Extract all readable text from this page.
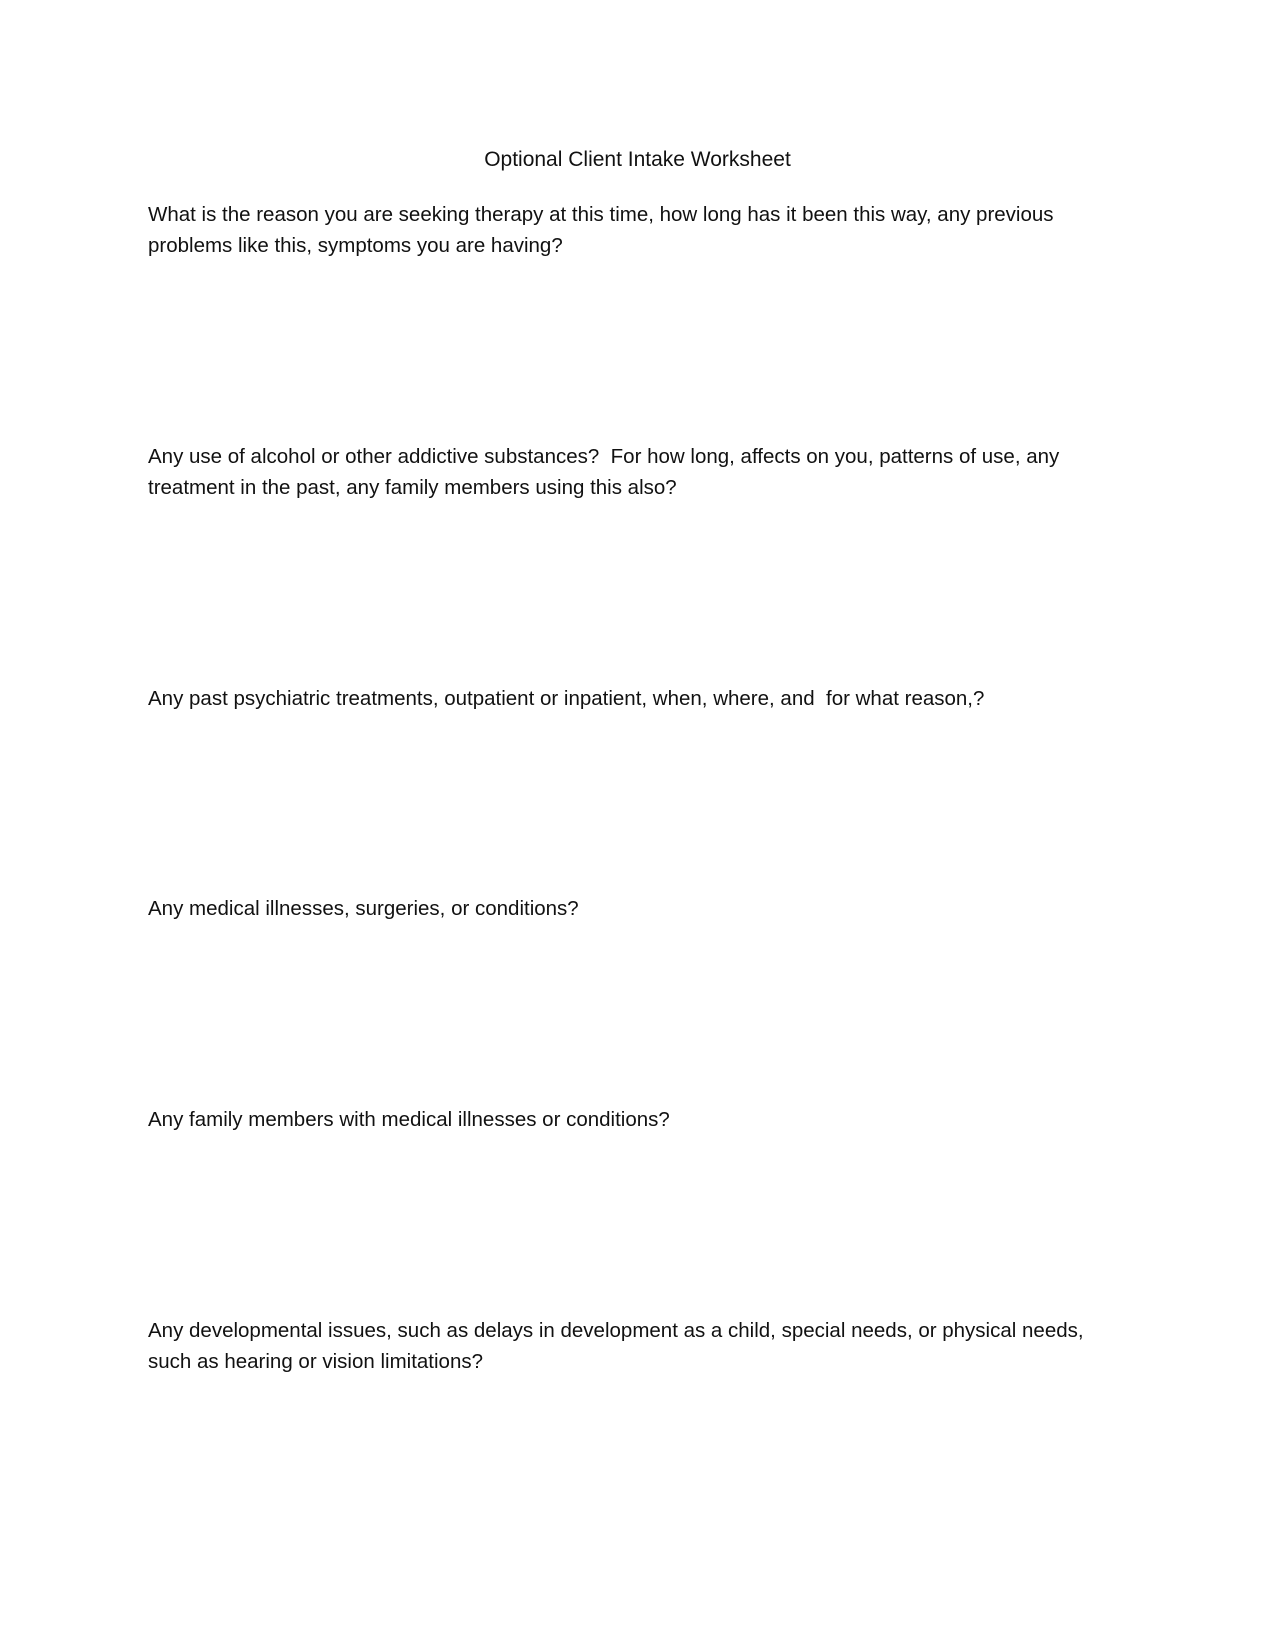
Optional Client Intake Worksheet

What is the reason you are seeking therapy at this time, how long has it been this way, any previous
problems like this, symptoms you are having?

Any use of alcohol or other addictive substances?  For how long, affects on you, patterns of use, any
treatment in the past, any family members using this also?

Any past psychiatric treatments, outpatient or inpatient, when, where, and  for what reason,?

Any medical illnesses, surgeries, or conditions?

Any family members with medical illnesses or conditions?

Any developmental issues, such as delays in development as a child, special needs, or physical needs,
such as hearing or vision limitations?
